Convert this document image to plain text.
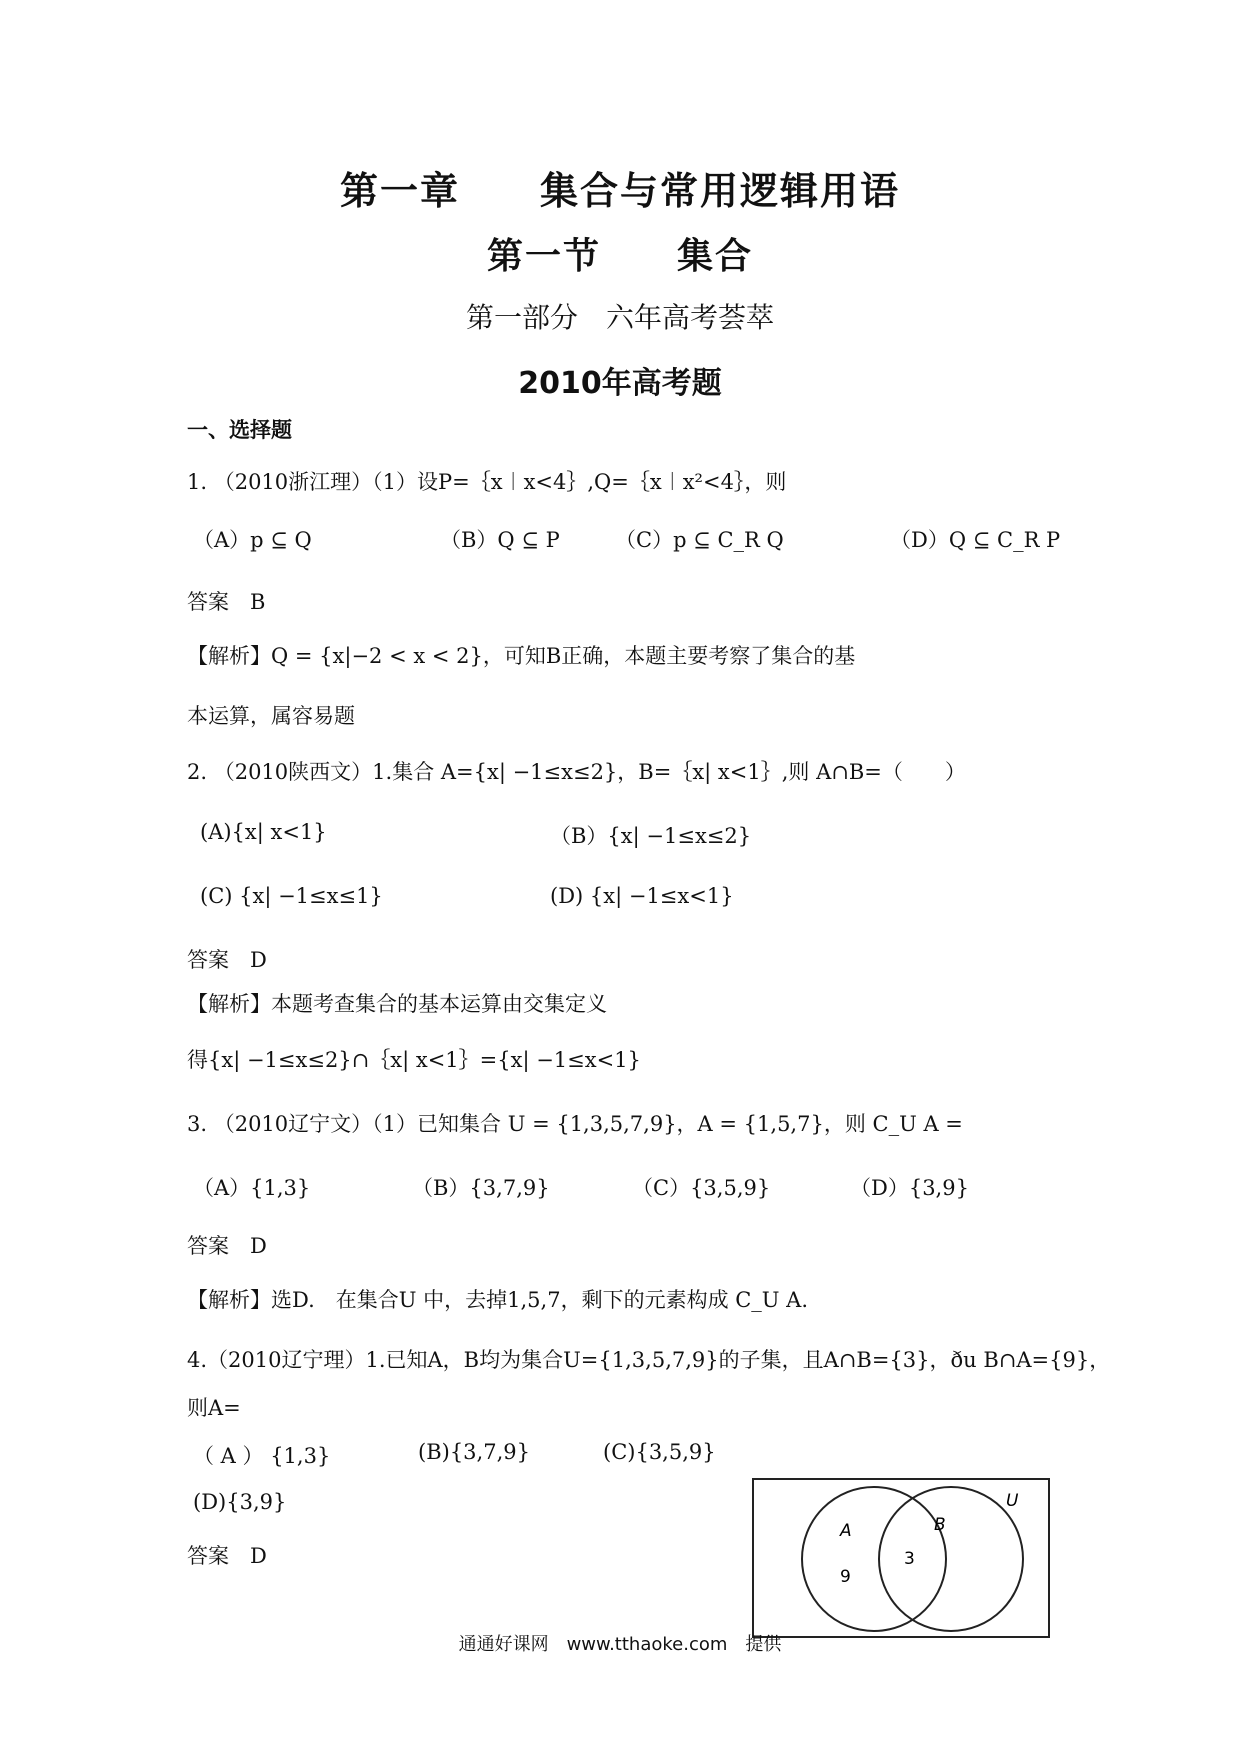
第一章　　集合与常用逻辑用语
第一节　　集合
第一部分　六年高考荟萃
2010年高考题
一、选择题
1. （2010浙江理）（1）设P=｛x︱x<4｝,Q=｛x︱x²<4｝，则
（A）p ⊆ Q	（B）Q ⊆ P	（C）p ⊆ C_R Q	（D）Q ⊆ C_R P
答案　B
【解析】Q = {x|−2 < x < 2}，可知B正确，本题主要考察了集合的基
本运算，属容易题
2. （2010陕西文）1.集合 A={x| −1≤x≤2}，B=｛x| x<1｝,则 A∩B=（　　）
(A){x| x<1}	（B）{x| −1≤x≤2}
(C) {x| −1≤x≤1}	(D) {x| −1≤x<1}
答案　D
【解析】本题考查集合的基本运算由交集定义
得{x| −1≤x≤2}∩｛x| x<1｝={x| −1≤x<1}
3. （2010辽宁文）（1）已知集合 U = {1,3,5,7,9}，A = {1,5,7}，则 C_U A =
（A）{1,3}	（B）{3,7,9}	（C）{3,5,9}	（D）{3,9}
答案　D
【解析】选D.　在集合U 中，去掉1,5,7，剩下的元素构成 C_U A.
4.（2010辽宁理）1.已知A，B均为集合U={1,3,5,7,9}的子集，且A∩B={3}，ðu B∩A={9}，
则A=
（ A ） {1,3}	(B){3,7,9}	(C){3,5,9}
(D){3,9}
答案　D
U
A	B
9
3
通通好课网　www.tthaoke.com　提供
